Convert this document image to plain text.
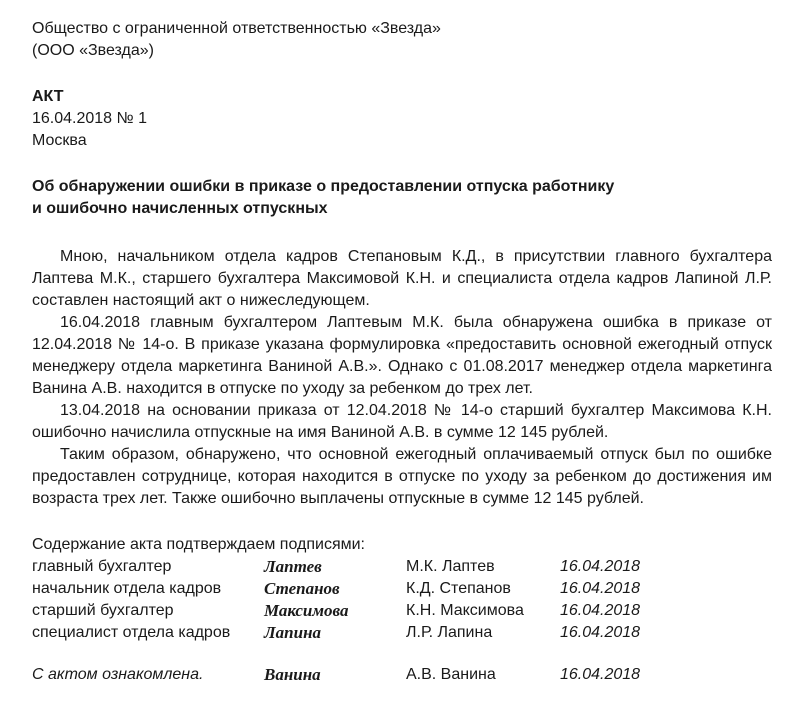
Общество с ограниченной ответственностью «Звезда»
(ООО «Звезда»)
АКТ
16.04.2018 № 1
Москва
Об обнаружении ошибки в приказе о предоставлении отпуска работнику
и ошибочно начисленных отпускных

Мною, начальником отдела кадров Степановым К.Д., в присутствии главного бухгалтера Лаптева М.К., старшего бухгалтера Максимовой К.Н. и специалиста отдела кадров Лапиной Л.Р. составлен настоящий акт о нижеследующем.

16.04.2018 главным бухгалтером Лаптевым М.К. была обнаружена ошибка в приказе от 12.04.2018 № 14-о. В приказе указана формулировка «предоставить основной ежегодный отпуск менеджеру отдела маркетинга Ваниной А.В.». Однако с 01.08.2017 менеджер отдела маркетинга Ванина А.В. находится в отпуске по уходу за ребенком до трех лет.

13.04.2018 на основании приказа от 12.04.2018 № 14-о старший бухгалтер Максимова К.Н. ошибочно начислила отпускные на имя Ваниной А.В. в сумме 12 145 рублей.

Таким образом, обнаружено, что основной ежегодный оплачиваемый отпуск был по ошибке предоставлен сотруднице, которая находится в отпуске по уходу за ребенком до достижения им возраста трех лет. Также ошибочно выплачены отпускные в сумме 12 145 рублей.

Содержание акта подтверждаем подписями:
главный бухгалтер	Лаптев	М.К. Лаптев	16.04.2018
начальник отдела кадров	Степанов	К.Д. Степанов	16.04.2018
старший бухгалтер	Максимова	К.Н. Максимова 16.04.2018
специалист отдела кадров Лапина	Л.Р. Лапина	16.04.2018
С актом ознакомлена.	Ванина	А.В. Ванина	16.04.2018
